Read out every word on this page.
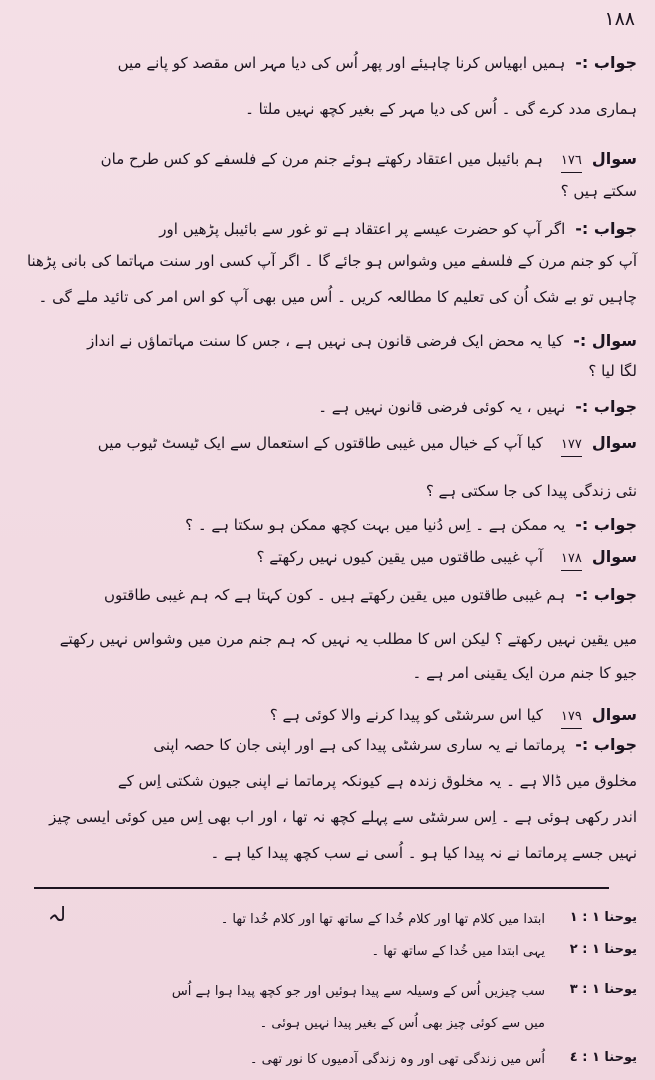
١٨٨
جواب :-ہمیں ابھیاس کرنا چاہیئے اور پھر اُس کی دیا مہر اس مقصد کو پانے میں
ہماری مدد کرے گی ۔ اُس کی دیا مہر کے بغیر کچھ نہیں ملتا ۔
سوال١٧٦ہم بائیبل میں اعتقاد رکھتے ہوئے جنم مرن کے فلسفے کو کس طرح مان
سکتے ہیں ؟
جواب :-اگر آپ کو حضرت عیسے پر اعتقاد ہے تو غور سے بائیبل پڑھیں اور
آپ کو جنم مرن کے فلسفے میں وشواس ہو جائے گا ۔ اگر آپ کسی اور سنت مہاتما کی بانی پڑھنا
چاہیں تو بے شک اُن کی تعلیم کا مطالعہ کریں ۔ اُس میں بھی آپ کو اس امر کی تائید ملے گی ۔
سوال :-کیا یہ محض ایک فرضی قانون ہی نہیں ہے ، جس کا سنت مہاتماؤں نے انداز
لگا لیا ؟
جواب :-نہیں ، یہ کوئی فرضی قانون نہیں ہے ۔
سوال١٧٧کیا آپ کے خیال میں غیبی طاقتوں کے استعمال سے ایک ٹیسٹ ٹیوب میں
نئی زندگی پیدا کی جا سکتی ہے ؟
جواب :-یہ ممکن ہے ۔ اِس دُنیا میں بہت کچھ ممکن ہو سکتا ہے ۔ ؟
سوال١٧٨آپ غیبی طاقتوں میں یقین کیوں نہیں رکھتے ؟
جواب :-ہم غیبی طاقتوں میں یقین رکھتے ہیں ۔ کون کہتا ہے کہ ہم غیبی طاقتوں
میں یقین نہیں رکھتے ؟ لیکن اس کا مطلب یہ نہیں کہ ہم جنم مرن میں وشواس نہیں رکھتے
جیو کا جنم مرن ایک یقینی امر ہے ۔
سوال١٧٩کیا اس سرشٹی کو پیدا کرنے والا کوئی ہے ؟
جواب :-پرماتما نے یہ ساری سرشٹی پیدا کی ہے اور اپنی جان کا حصہ اپنی
مخلوق میں ڈالا ہے ۔ یہ مخلوق زندہ ہے کیونکہ پرماتما نے اپنی جیون شکتی اِس کے
اندر رکھی ہوئی ہے ۔ اِس سرشٹی سے پہلے کچھ نہ تھا ، اور اب بھی اِس میں کوئی ایسی چیز
نہیں جسے پرماتما نے نہ پیدا کیا ہو ۔ اُسی نے سب کچھ پیدا کیا ہے ۔
لہ	یوحنا ١ : ١
ابتدا میں کلام تھا اور کلام خُدا کے ساتھ تھا اور کلام خُدا تھا ۔
یوحنا ١ : ٢
یہی ابتدا میں خُدا کے ساتھ تھا ۔
یوحنا ١ : ٣
سب چیزیں اُس کے وسیلہ سے پیدا ہوئیں اور جو کچھ پیدا ہوا ہے اُس
میں سے کوئی چیز بھی اُس کے بغیر پیدا نہیں ہوئی ۔
یوحنا ١ : ٤
اُس میں زندگی تھی اور وہ زندگی آدمیوں کا نور تھی ۔
